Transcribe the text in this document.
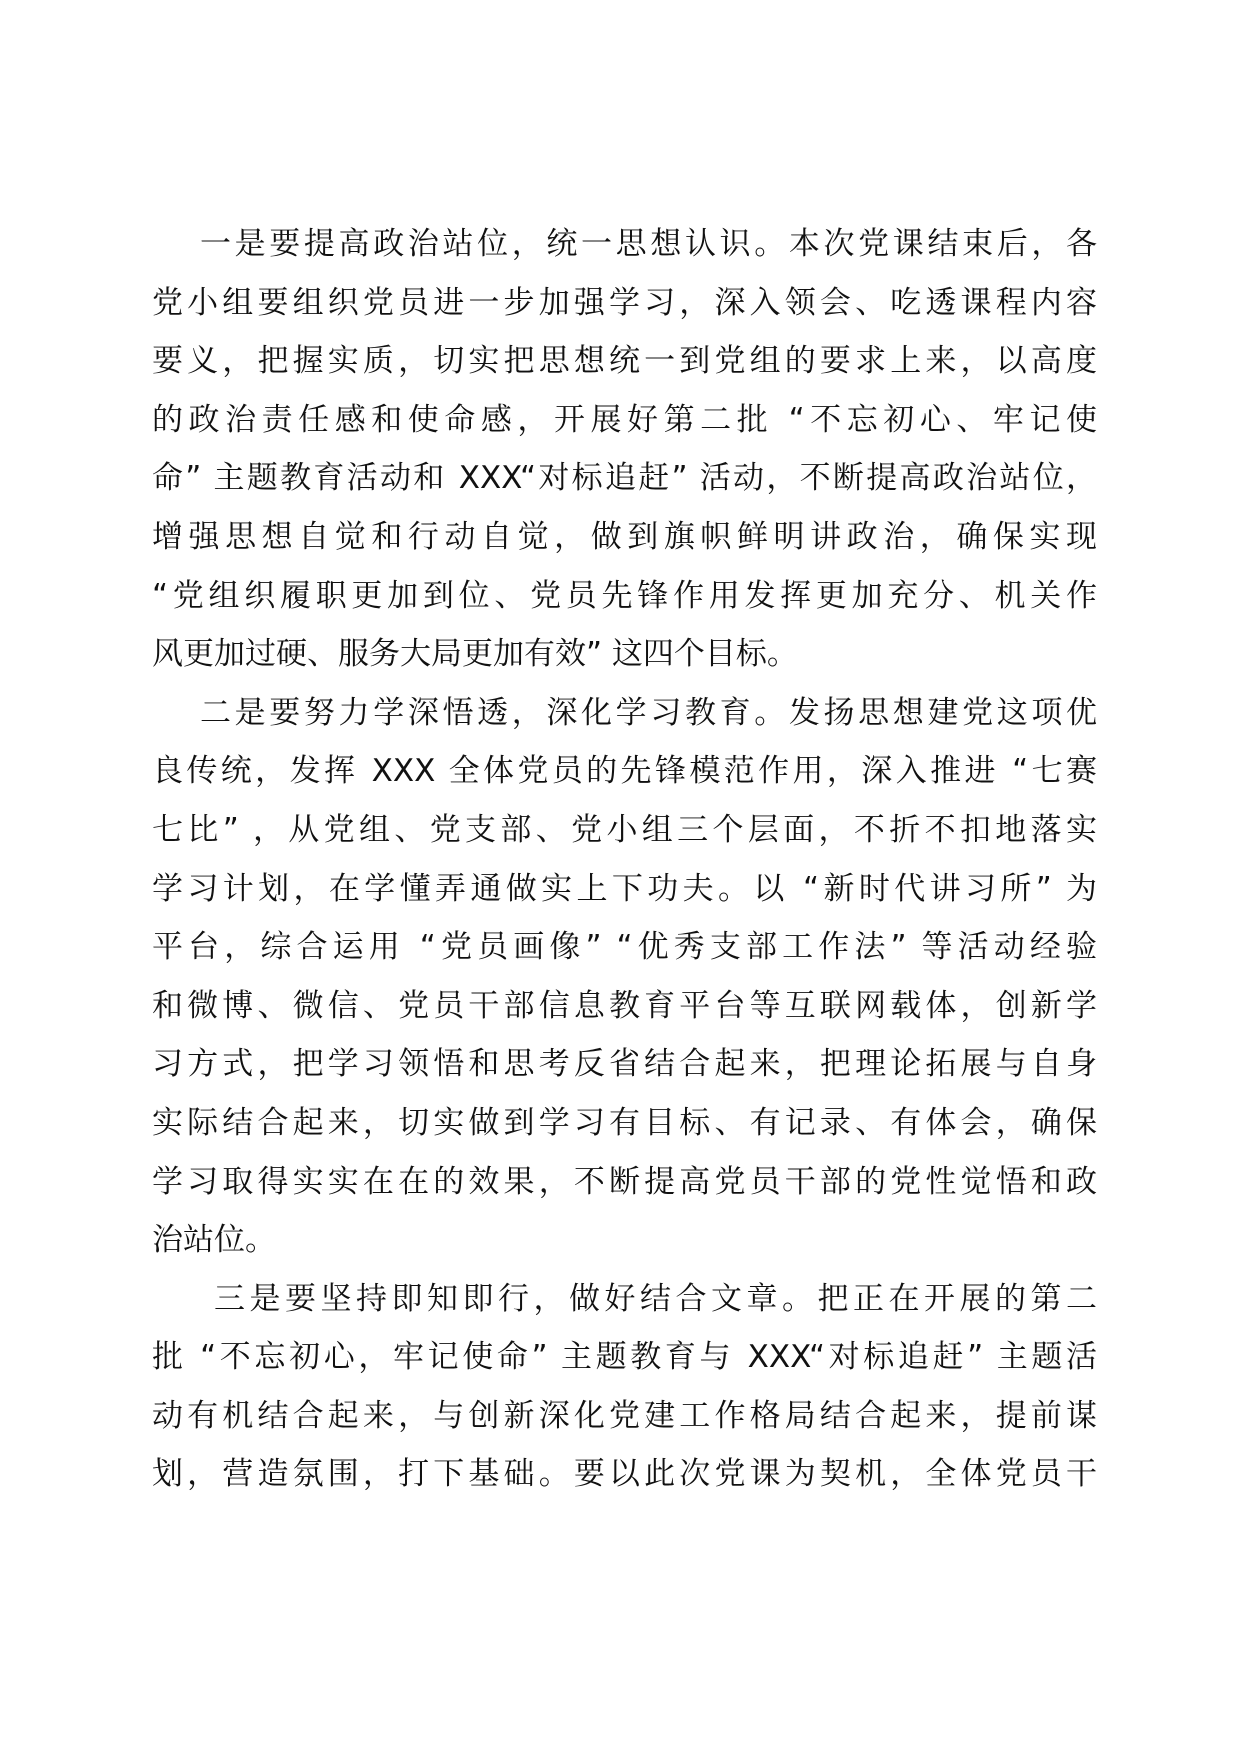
一是要提高政治站位，统一思想认识。本次党课结束后，各
党小组要组织党员进一步加强学习，深入领会、吃透课程内容
要义，把握实质，切实把思想统一到党组的要求上来，以高度
的政治责任感和使命感，开展好第二批 “不忘初心、牢记使
命” 主题教育活动和 XXX“对标追赶” 活动，不断提高政治站位，
增强思想自觉和行动自觉，做到旗帜鲜明讲政治，确保实现
“党组织履职更加到位、党员先锋作用发挥更加充分、机关作
风更加过硬、服务大局更加有效” 这四个目标。
二是要努力学深悟透，深化学习教育。发扬思想建党这项优
良传统，发挥 XXX 全体党员的先锋模范作用，深入推进 “七赛
七比” ，从党组、党支部、党小组三个层面，不折不扣地落实
学习计划，在学懂弄通做实上下功夫。以 “新时代讲习所” 为
平台，综合运用 “党员画像” “优秀支部工作法” 等活动经验
和微博、微信、党员干部信息教育平台等互联网载体，创新学
习方式，把学习领悟和思考反省结合起来，把理论拓展与自身
实际结合起来，切实做到学习有目标、有记录、有体会，确保
学习取得实实在在的效果，不断提高党员干部的党性觉悟和政
治站位。
三是要坚持即知即行，做好结合文章。把正在开展的第二
批 “不忘初心，牢记使命” 主题教育与 XXX“对标追赶” 主题活
动有机结合起来，与创新深化党建工作格局结合起来，提前谋
划，营造氛围，打下基础。要以此次党课为契机，全体党员干
